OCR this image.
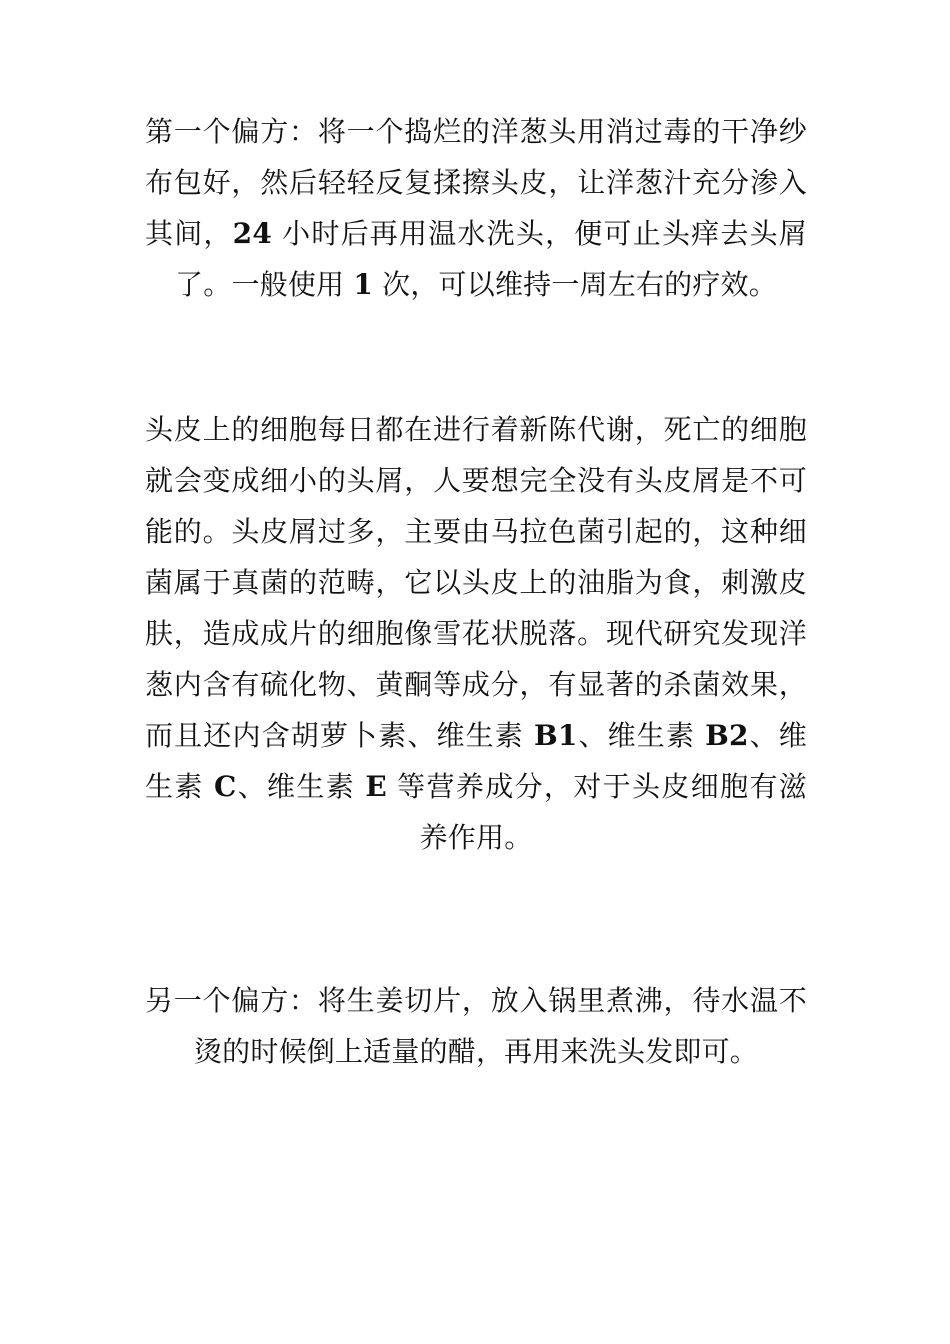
第一个偏方：将一个捣烂的洋葱头用消过毒的干净纱布包好，然后轻轻反复揉擦头皮，让洋葱汁充分渗入其间，24 小时后再用温水洗头，便可止头痒去头屑了。一般使用 1 次，可以维持一周左右的疗效。

头皮上的细胞每日都在进行着新陈代谢，死亡的细胞就会变成细小的头屑，人要想完全没有头皮屑是不可能的。头皮屑过多，主要由马拉色菌引起的，这种细菌属于真菌的范畴，它以头皮上的油脂为食，刺激皮肤，造成成片的细胞像雪花状脱落。现代研究发现洋葱内含有硫化物、黄酮等成分，有显著的杀菌效果，而且还内含胡萝卜素、维生素 B1、维生素 B2、维生素 C、维生素 E 等营养成分，对于头皮细胞有滋养作用。

另一个偏方：将生姜切片，放入锅里煮沸，待水温不烫的时候倒上适量的醋，再用来洗头发即可。
